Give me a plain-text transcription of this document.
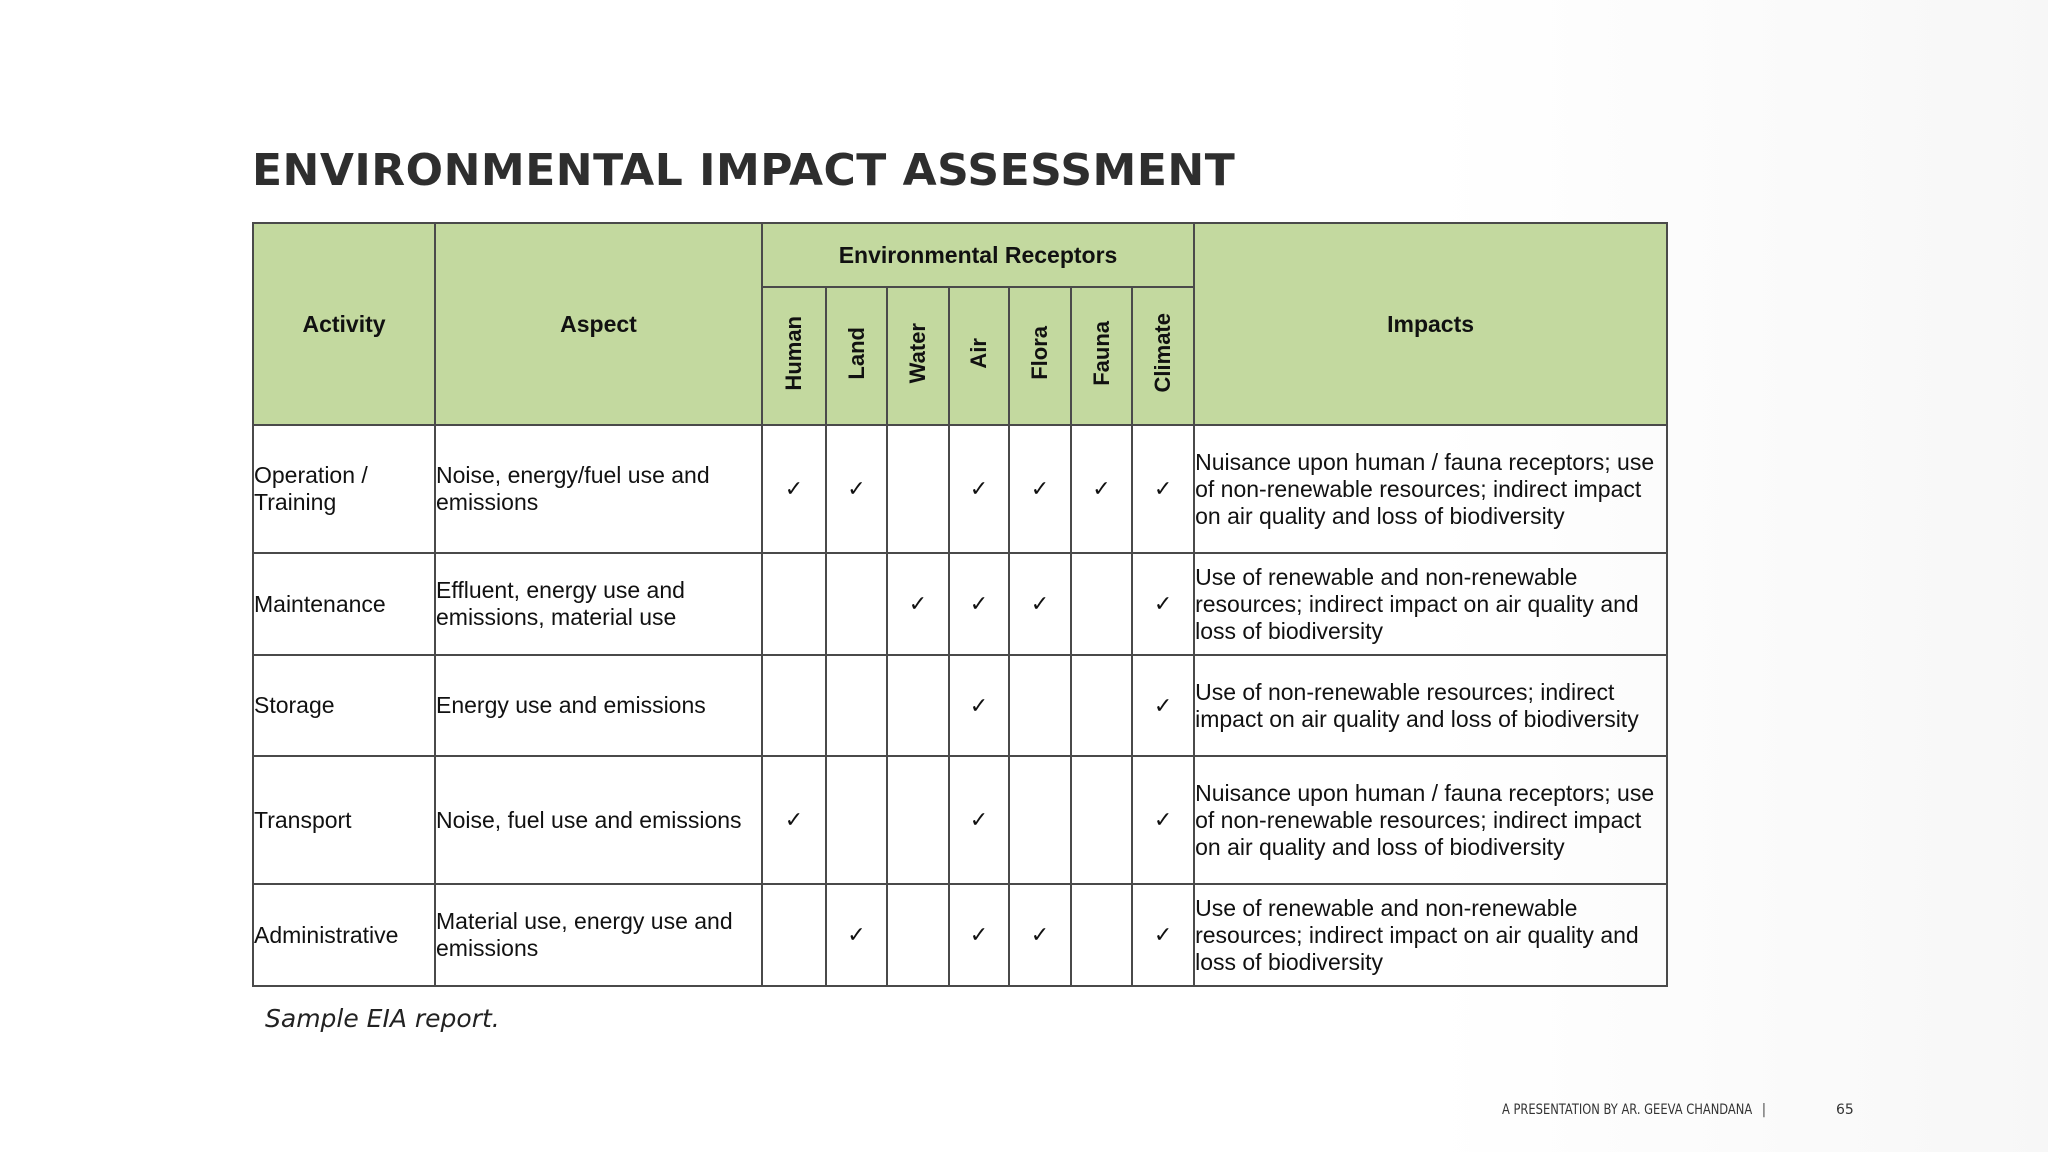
ENVIRONMENTAL IMPACT ASSESSMENT
Activity	Aspect	Environmental Receptors							Impacts
		Human	Land	Water	Air	Flora	Fauna	Climate	
Operation / Training	Noise, energy/fuel use and emissions	✓	✓		✓	✓	✓	✓	Nuisance upon human / fauna receptors; use of non-renewable resources; indirect impact on air quality and loss of biodiversity
Maintenance	Effluent, energy use and emissions, material use			✓	✓	✓		✓	Use of renewable and non-renewable resources; indirect impact on air quality and loss of biodiversity
Storage	Energy use and emissions				✓			✓	Use of non-renewable resources; indirect impact on air quality and loss of biodiversity
Transport	Noise, fuel use and emissions	✓			✓			✓	Nuisance upon human / fauna receptors; use of non-renewable resources; indirect impact on air quality and loss of biodiversity
Administrative	Material use, energy use and emissions		✓		✓	✓		✓	Use of renewable and non-renewable resources; indirect impact on air quality and loss of biodiversity
Sample EIA report.
A PRESENTATION BY AR. GEEVA CHANDANA |	65
